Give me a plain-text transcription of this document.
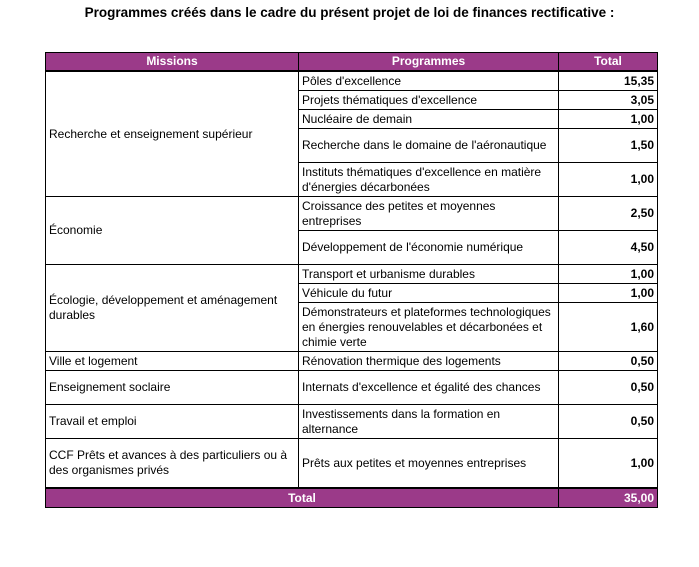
Programmes créés dans le cadre du présent projet de loi de finances rectificative :
Missions	Programmes	Total
Recherche et enseignement supérieur	Pôles d'excellence	15,35
	Projets thématiques d'excellence	3,05
	Nucléaire de demain	1,00
	Recherche dans le domaine de l'aéronautique	1,50
	Instituts thématiques d'excellence en matière d'énergies décarbonées	1,00
Économie	Croissance des petites et moyennes entreprises	2,50
	Développement de l'économie numérique	4,50
Écologie, développement et aménagement durables	Transport et urbanisme durables	1,00
	Véhicule du futur	1,00
	Démonstrateurs et plateformes technologiques en énergies renouvelables et décarbonées et chimie verte	1,60
Ville et logement	Rénovation thermique des logements	0,50
Enseignement soclaire	Internats d'excellence et égalité des chances	0,50
Travail et emploi	Investissements dans la formation en alternance	0,50
CCF Prêts et avances à des particuliers ou à des organismes privés	Prêts aux petites et moyennes entreprises	1,00
Total		35,00
